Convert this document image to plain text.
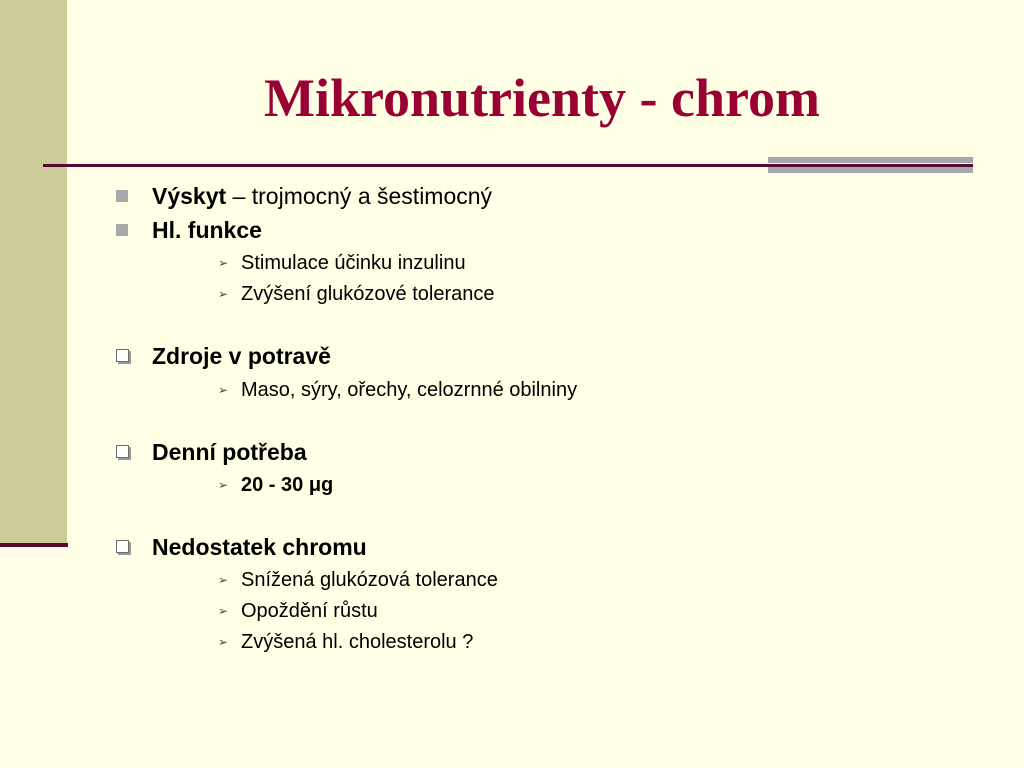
Mikronutrienty - chrom
Výskyt – trojmocný a šestimocný
Hl. funkce
➢ Stimulace účinku inzulinu
➢ Zvýšení glukózové tolerance
Zdroje v potravě
➢ Maso, sýry, ořechy, celozrnné obilniny
Denní potřeba
➢ 20 - 30 μg
Nedostatek chromu
➢ Snížená glukózová tolerance
➢ Opoždění růstu
➢ Zvýšená hl. cholesterolu ?
